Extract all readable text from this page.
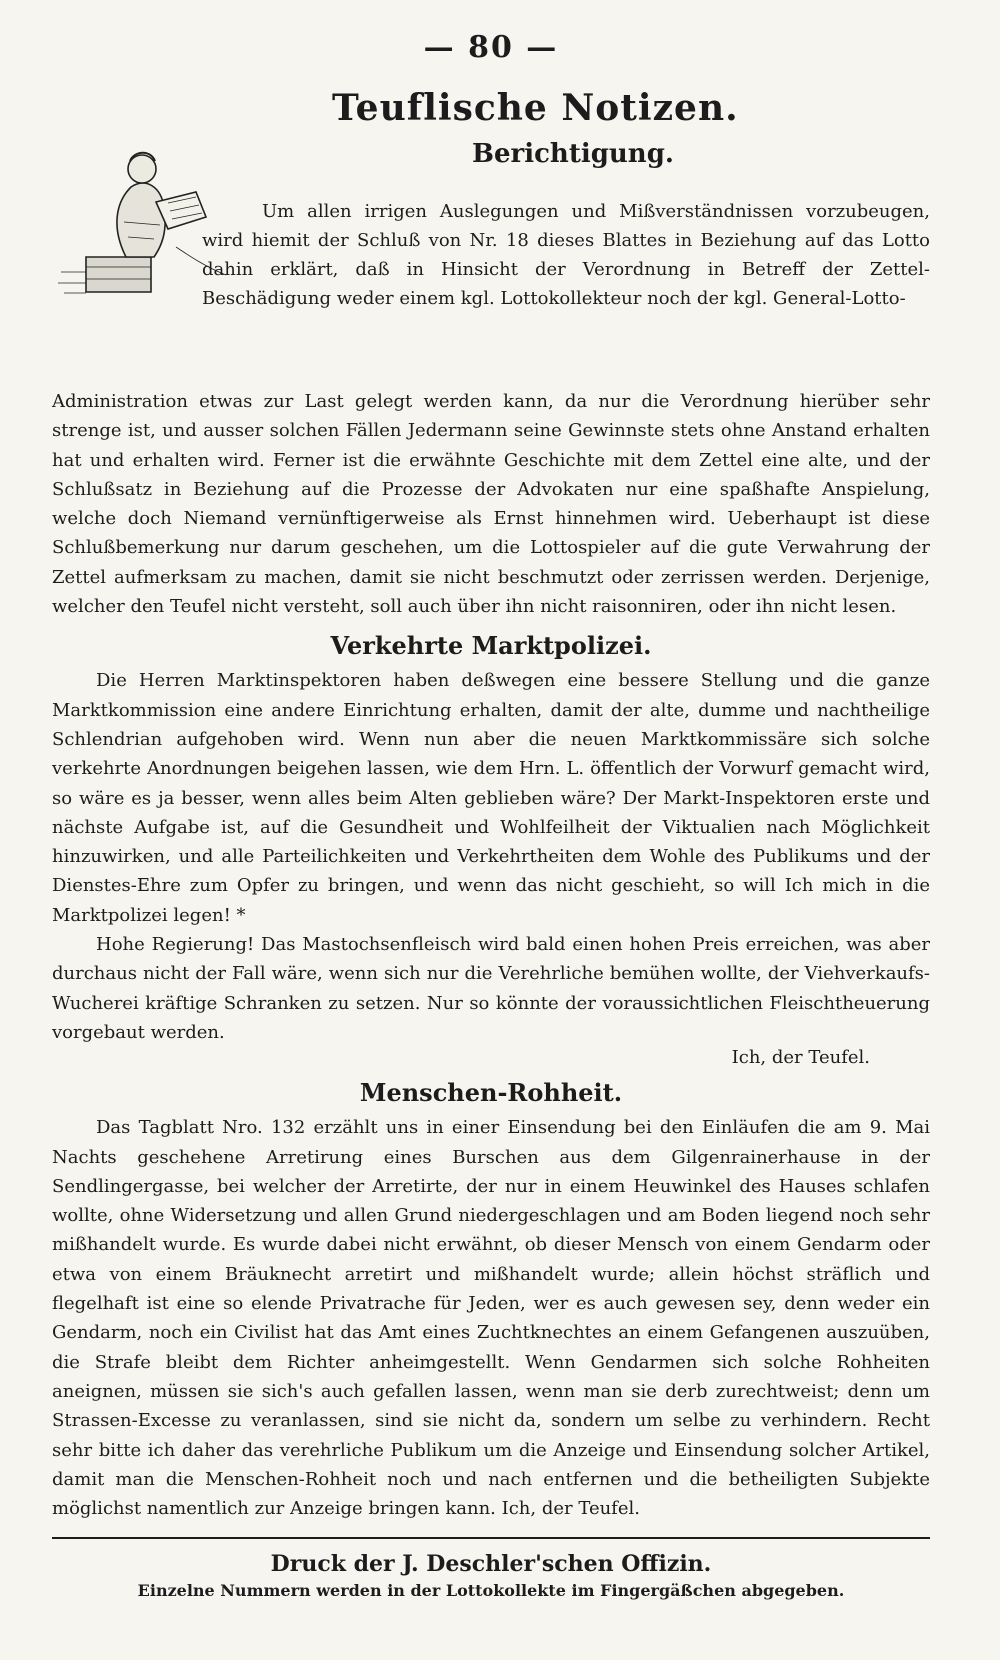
— 80 —
Teuflische Notizen.
Berichtigung.

Um allen irrigen Auslegungen und Mißverständnissen vorzubeugen, wird hiemit der Schluß von Nr. 18 dieses Blattes in Beziehung auf das Lotto dahin erklärt, daß in Hinsicht der Verordnung in Betreff der Zettel-Beschädigung weder einem kgl. Lottokollekteur noch der kgl. General-Lotto-

Administration etwas zur Last gelegt werden kann, da nur die Verordnung hierüber sehr strenge ist, und ausser solchen Fällen Jedermann seine Gewinnste stets ohne Anstand erhalten hat und erhalten wird. Ferner ist die erwähnte Geschichte mit dem Zettel eine alte, und der Schlußsatz in Beziehung auf die Prozesse der Advokaten nur eine spaßhafte Anspielung, welche doch Niemand vernünftigerweise als Ernst hinnehmen wird. Ueberhaupt ist diese Schlußbemerkung nur darum geschehen, um die Lottospieler auf die gute Verwahrung der Zettel aufmerksam zu machen, damit sie nicht beschmutzt oder zerrissen werden. Derjenige, welcher den Teufel nicht versteht, soll auch über ihn nicht raisonniren, oder ihn nicht lesen.

Verkehrte Marktpolizei.

Die Herren Marktinspektoren haben deßwegen eine bessere Stellung und die ganze Marktkommission eine andere Einrichtung erhalten, damit der alte, dumme und nachtheilige Schlendrian aufgehoben wird. Wenn nun aber die neuen Marktkommissäre sich solche verkehrte Anordnungen beigehen lassen, wie dem Hrn. L. öffentlich der Vorwurf gemacht wird, so wäre es ja besser, wenn alles beim Alten geblieben wäre? Der Markt-Inspektoren erste und nächste Aufgabe ist, auf die Gesundheit und Wohlfeilheit der Viktualien nach Möglichkeit hinzuwirken, und alle Parteilichkeiten und Verkehrtheiten dem Wohle des Publikums und der Dienstes-Ehre zum Opfer zu bringen, und wenn das nicht geschieht, so will Ich mich in die Marktpolizei legen! *

Hohe Regierung! Das Mastochsenfleisch wird bald einen hohen Preis erreichen, was aber durchaus nicht der Fall wäre, wenn sich nur die Verehrliche bemühen wollte, der Viehverkaufs-Wucherei kräftige Schranken zu setzen. Nur so könnte der voraussichtlichen Fleischtheuerung vorgebaut werden.

Ich, der Teufel.
Menschen-Rohheit.

Das Tagblatt Nro. 132 erzählt uns in einer Einsendung bei den Einläufen die am 9. Mai Nachts geschehene Arretirung eines Burschen aus dem Gilgenrainerhause in der Sendlingergasse, bei welcher der Arretirte, der nur in einem Heuwinkel des Hauses schlafen wollte, ohne Widersetzung und allen Grund niedergeschlagen und am Boden liegend noch sehr mißhandelt wurde. Es wurde dabei nicht erwähnt, ob dieser Mensch von einem Gendarm oder etwa von einem Bräuknecht arretirt und mißhandelt wurde; allein höchst sträflich und flegelhaft ist eine so elende Privatrache für Jeden, wer es auch gewesen sey, denn weder ein Gendarm, noch ein Civilist hat das Amt eines Zuchtknechtes an einem Gefangenen auszuüben, die Strafe bleibt dem Richter anheimgestellt. Wenn Gendarmen sich solche Rohheiten aneignen, müssen sie sich's auch gefallen lassen, wenn man sie derb zurechtweist; denn um Strassen-Excesse zu veranlassen, sind sie nicht da, sondern um selbe zu verhindern. Recht sehr bitte ich daher das verehrliche Publikum um die Anzeige und Einsendung solcher Artikel, damit man die Menschen-Rohheit noch und nach entfernen und die betheiligten Subjekte möglichst namentlich zur Anzeige bringen kann. Ich, der Teufel.

Druck der J. Deschler'schen Offizin.
Einzelne Nummern werden in der Lottokollekte im Fingergäßchen abgegeben.
